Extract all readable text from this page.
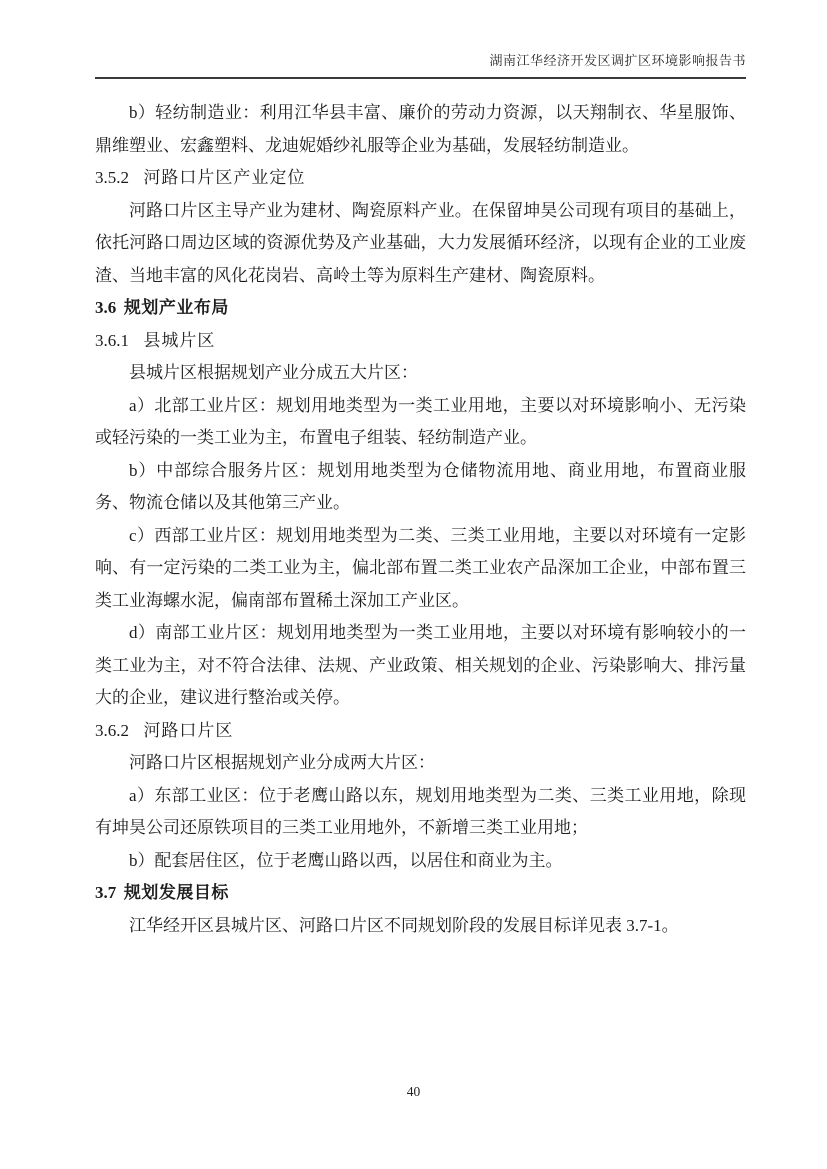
湖南江华经济开发区调扩区环境影响报告书

b）轻纺制造业：利用江华县丰富、廉价的劳动力资源，以天翔制衣、华星服饰、鼎维塑业、宏鑫塑料、龙迪妮婚纱礼服等企业为基础，发展轻纺制造业。

3.5.2 河路口片区产业定位

河路口片区主导产业为建材、陶瓷原料产业。在保留坤昊公司现有项目的基础上，依托河路口周边区域的资源优势及产业基础，大力发展循环经济，以现有企业的工业废渣、当地丰富的风化花岗岩、高岭土等为原料生产建材、陶瓷原料。

3.6 规划产业布局
3.6.1 县城片区

县城片区根据规划产业分成五大片区：

a）北部工业片区：规划用地类型为一类工业用地，主要以对环境影响小、无污染或轻污染的一类工业为主，布置电子组装、轻纺制造产业。

b）中部综合服务片区：规划用地类型为仓储物流用地、商业用地，布置商业服务、物流仓储以及其他第三产业。

c）西部工业片区：规划用地类型为二类、三类工业用地，主要以对环境有一定影响、有一定污染的二类工业为主，偏北部布置二类工业农产品深加工企业，中部布置三类工业海螺水泥，偏南部布置稀土深加工产业区。

d）南部工业片区：规划用地类型为一类工业用地，主要以对环境有影响较小的一类工业为主，对不符合法律、法规、产业政策、相关规划的企业、污染影响大、排污量大的企业，建议进行整治或关停。

3.6.2 河路口片区

河路口片区根据规划产业分成两大片区：

a）东部工业区：位于老鹰山路以东，规划用地类型为二类、三类工业用地，除现有坤昊公司还原铁项目的三类工业用地外，不新增三类工业用地；

b）配套居住区，位于老鹰山路以西，以居住和商业为主。

3.7 规划发展目标

江华经开区县城片区、河路口片区不同规划阶段的发展目标详见表 3.7-1。

40
